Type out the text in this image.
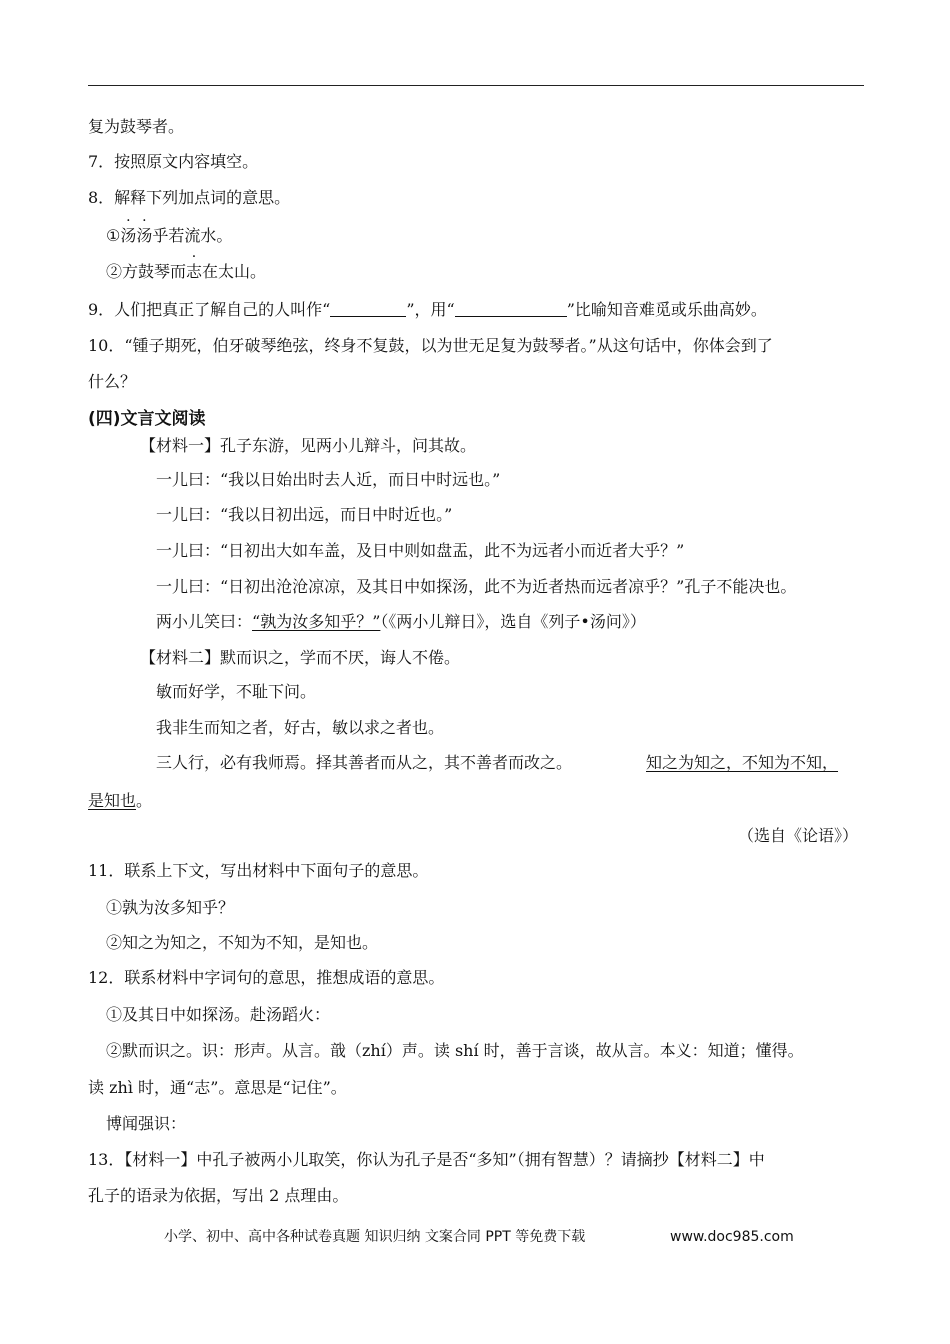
复为鼓琴者。
7．按照原文内容填空。
8．解释下列加点词的意思。
①汤汤乎若流水。
②方鼓琴而志在太山。
9．人们把真正了解自己的人叫作“	”，用“	”比喻知音难觅或乐曲高妙。
10．“锺子期死，伯牙破琴绝弦，终身不复鼓，以为世无足复为鼓琴者。”从这句话中，你体会到了
什么？
(四)文言文阅读
【材料一】孔子东游，见两小儿辩斗，问其故。
一儿曰：“我以日始出时去人近，而日中时远也。”
一儿曰：“我以日初出远，而日中时近也。”
一儿曰：“日初出大如车盖，及日中则如盘盂，此不为远者小而近者大乎？”
一儿曰：“日初出沧沧凉凉，及其日中如探汤，此不为近者热而远者凉乎？”孔子不能决也。
两小儿笑曰：“孰为汝多知乎？”（《两小儿辩日》，选自《列子•汤问》）
【材料二】默而识之，学而不厌，诲人不倦。
敏而好学，不耻下问。
我非生而知之者，好古，敏以求之者也。
三人行，必有我师焉。择其善者而从之，其不善者而改之。	知之为知之，不知为不知，
是知也。
（选自《论语》）
11．联系上下文，写出材料中下面句子的意思。
①孰为汝多知乎？
②知之为知之，不知为不知，是知也。
12．联系材料中字词句的意思，推想成语的意思。
①及其日中如探汤。赴汤蹈火：
②默而识之。识：形声。从言。戠（zhí）声。读 shí 时，善于言谈，故从言。本义：知道；懂得。
读 zhì 时，通“志”。意思是“记住”。
博闻强识：
13．【材料一】中孔子被两小儿取笑，你认为孔子是否“多知”（拥有智慧）？请摘抄【材料二】中
孔子的语录为依据，写出 2 点理由。
小学、初中、高中各种试卷真题 知识归纳 文案合同 PPT 等免费下载	www.doc985.com
